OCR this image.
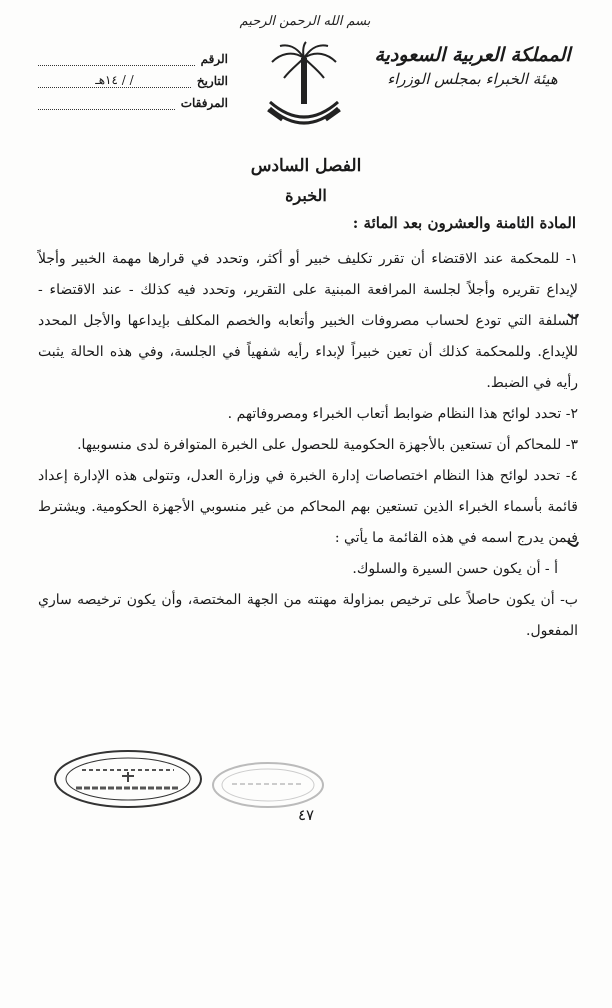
بسم الله الرحمن الرحيم
المملكة العربية السعودية
هيئة الخبراء بمجلس الوزراء
الرقم
التاريخ
/ / ١٤هـ
المرفقات
الفصل السادس
الخبرة
المادة الثامنة والعشرون بعد المائة :

١- للمحكمة عند الاقتضاء أن تقرر تكليف خبير أو أكثر، وتحدد في قرارها مهمة الخبير وأجلاً لإيداع تقريره وأجلاً لجلسة المرافعة المبنية على التقرير، وتحدد فيه كذلك - عند الاقتضاء - السلفة التي تودع لحساب مصروفات الخبير وأتعابه والخصم المكلف بإيداعها والأجل المحدد للإيداع. وللمحكمة كذلك أن تعين خبيراً لإبداء رأيه شفهياً في الجلسة، وفي هذه الحالة يثبت رأيه في الضبط.

٢- تحدد لوائح هذا النظام ضوابط أتعاب الخبراء ومصروفاتهم .

٣- للمحاكم أن تستعين بالأجهزة الحكومية للحصول على الخبرة المتوافرة لدى منسوبيها.

٤- تحدد لوائح هذا النظام اختصاصات إدارة الخبرة في وزارة العدل، وتتولى هذه الإدارة إعداد قائمة بأسماء الخبراء الذين تستعين بهم المحاكم من غير منسوبي الأجهزة الحكومية. ويشترط فيمن يدرج اسمه في هذه القائمة ما يأتي :

أ - أن يكون حسن السيرة والسلوك.

ب- أن يكون حاصلاً على ترخيص بمزاولة مهنته من الجهة المختصة، وأن يكون ترخيصه ساري المفعول.

٤٧
